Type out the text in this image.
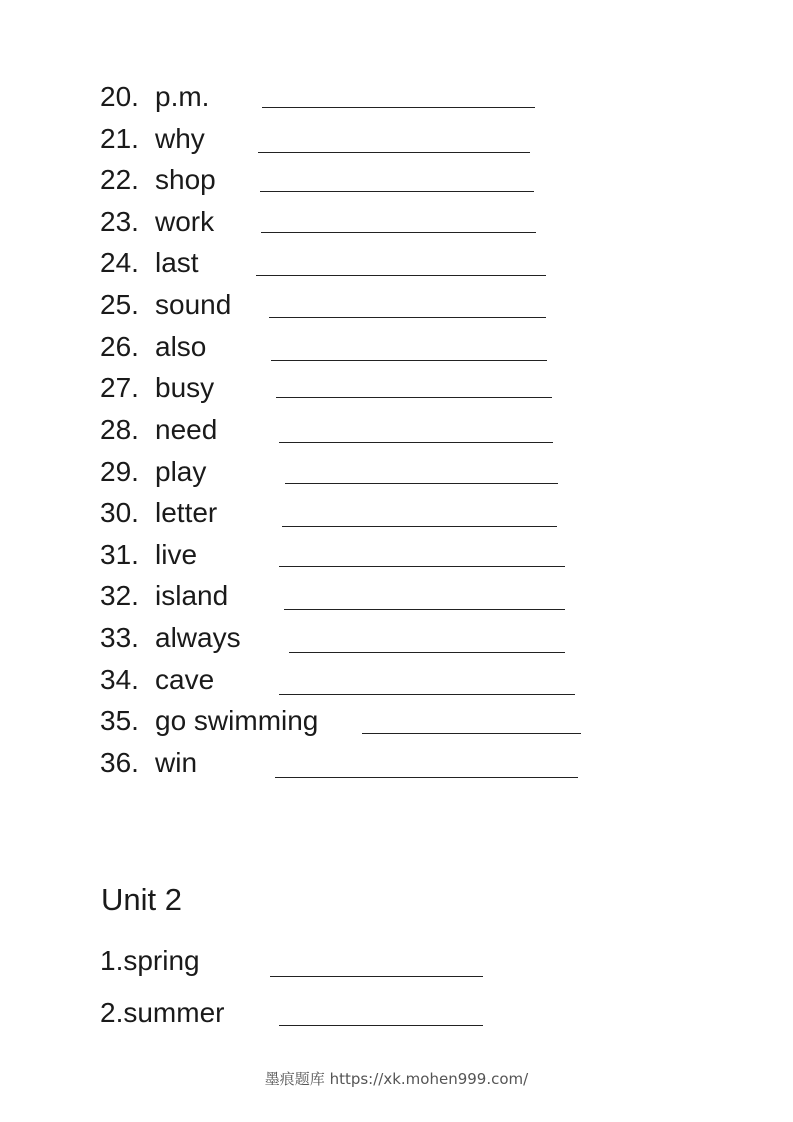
20. p.m.
21. why
22. shop
23. work
24. last
25. sound
26. also
27. busy
28. need
29. play
30. letter
31. live
32. island
33. always
34. cave
35. go swimming
36. win
Unit 2
1.spring
2.summer
墨痕题库 https://xk.mohen999.com/
